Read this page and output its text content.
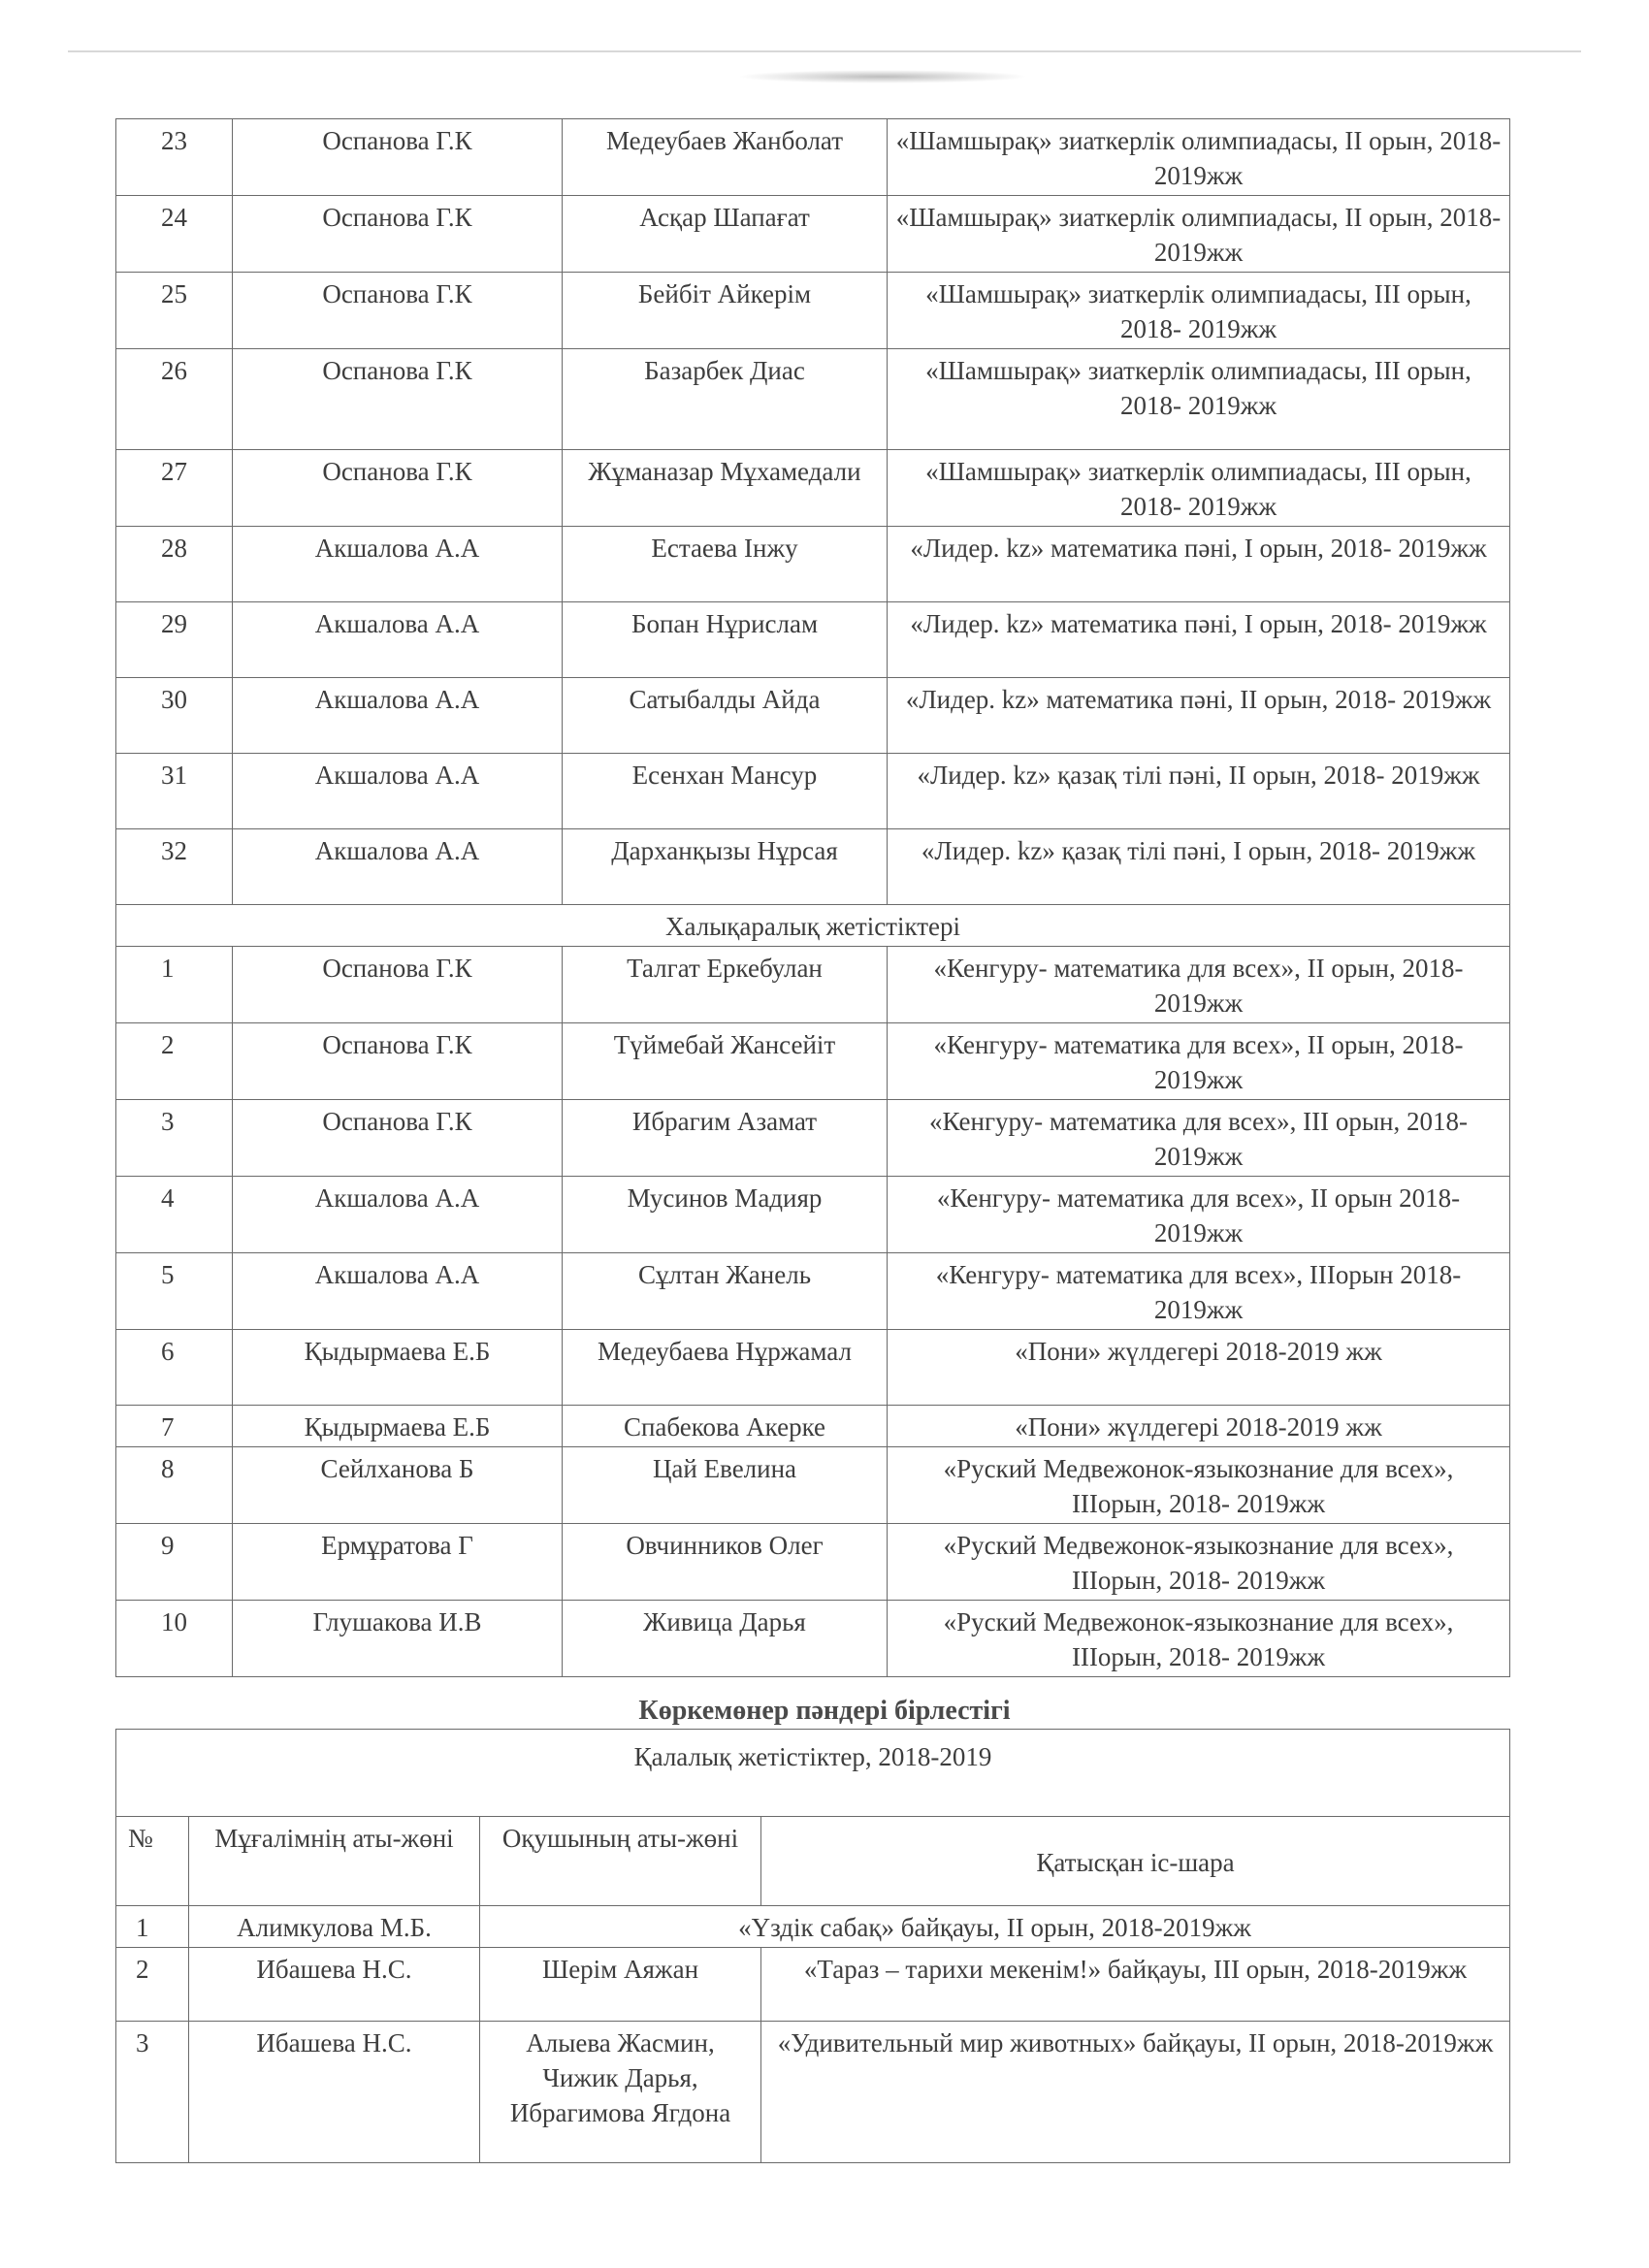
23	Оспанова Г.К	Медеубаев Жанболат	«Шамшырақ» зиаткерлік олимпиадасы, ІІ орын, 2018- 2019жж
24	Оспанова Г.К	Асқар Шапағат	«Шамшырақ» зиаткерлік олимпиадасы, ІІ орын, 2018- 2019жж
25	Оспанова Г.К	Бейбіт Айкерім	«Шамшырақ» зиаткерлік олимпиадасы, ІІІ орын, 2018- 2019жж
26	Оспанова Г.К	Базарбек Диас	«Шамшырақ» зиаткерлік олимпиадасы, ІІІ орын, 2018- 2019жж
27	Оспанова Г.К	Жұманазар Мұхамедали	«Шамшырақ» зиаткерлік олимпиадасы, ІІІ орын, 2018- 2019жж
28	Акшалова А.А	Естаева Інжу	«Лидер. kz» математика пәні, І орын, 2018- 2019жж
29	Акшалова А.А	Бопан Нұрислам	«Лидер. kz» математика пәні, І орын, 2018- 2019жж
30	Акшалова А.А	Сатыбалды Айда	«Лидер. kz» математика пәні, ІІ орын, 2018- 2019жж
31	Акшалова А.А	Есенхан Мансур	«Лидер. kz» қазақ тілі пәні, ІІ орын, 2018- 2019жж
32	Акшалова А.А	Дарханқызы Нұрсая	«Лидер. kz» қазақ тілі пәні, І орын, 2018- 2019жж
Халықаралық жетістіктері			
1	Оспанова Г.К	Талгат Еркебулан	«Кенгуру- математика для всех», ІІ орын, 2018- 2019жж
2	Оспанова Г.К	Түймебай Жансейіт	«Кенгуру- математика для всех», ІІ орын, 2018- 2019жж
3	Оспанова Г.К	Ибрагим Азамат	«Кенгуру- математика для всех», ІІІ орын, 2018- 2019жж
4	Акшалова А.А	Мусинов Мадияр	«Кенгуру- математика для всех», ІІ орын 2018- 2019жж
5	Акшалова А.А	Сұлтан Жанель	«Кенгуру- математика для всех», ІІІорын 2018- 2019жж
6	Қыдырмаева Е.Б	Медеубаева Нұржамал	«Пони» жүлдегері 2018-2019 жж
7	Қыдырмаева Е.Б	Спабекова Акерке	«Пони» жүлдегері 2018-2019 жж
8	Сейлханова Б	Цай Евелина	«Руский Медвежонок-языкознание для всех», ІІІорын, 2018- 2019жж
9	Ермұратова Г	Овчинников Олег	«Руский Медвежонок-языкознание для всех», ІІІорын, 2018- 2019жж
10	Глушакова И.В	Живица Дарья	«Руский Медвежонок-языкознание для всех», ІІІорын, 2018- 2019жж
Көркемөнер пәндері бірлестігі
Қалалық жетістіктер, 2018-2019			
№	Мұғалімнің аты-жөні	Оқушының аты-жөні	Қатысқан іс-шара
1	Алимкулова М.Б.	«Үздік сабақ» байқауы, ІІ орын, 2018-2019жж	
2	Ибашева Н.С.	Шерім Аяжан	«Тараз – тарихи мекенім!» байқауы, ІІІ орын, 2018-2019жж
3	Ибашева Н.С.	Алыева Жасмин, Чижик Дарья, Ибрагимова Ягдона	«Удивительный мир животных» байқауы, ІІ орын, 2018-2019жж
